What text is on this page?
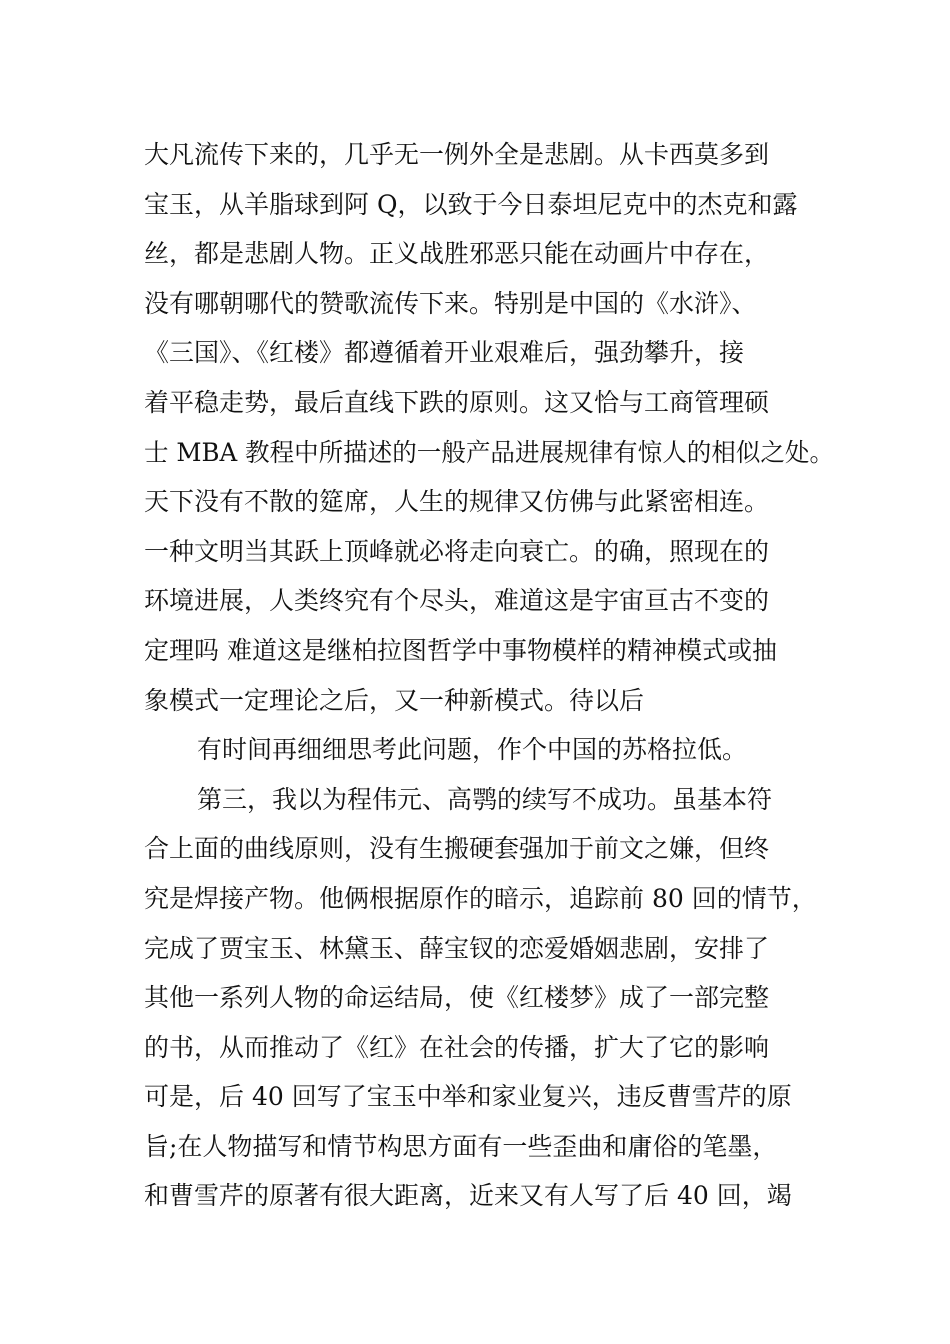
大凡流传下来的，几乎无一例外全是悲剧。从卡西莫多到
宝玉，从羊脂球到阿 Q，以致于今日泰坦尼克中的杰克和露
丝，都是悲剧人物。正义战胜邪恶只能在动画片中存在，
没有哪朝哪代的赞歌流传下来。特别是中国的《水浒》、
《三国》、《红楼》都遵循着开业艰难后，强劲攀升，接
着平稳走势，最后直线下跌的原则。这又恰与工商管理硕
士 MBA 教程中所描述的一般产品进展规律有惊人的相似之处。
天下没有不散的筵席，人生的规律又仿佛与此紧密相连。
一种文明当其跃上顶峰就必将走向衰亡。的确，照现在的
环境进展，人类终究有个尽头，难道这是宇宙亘古不变的
定理吗 难道这是继柏拉图哲学中事物模样的精神模式或抽
象模式一定理论之后，又一种新模式。待以后
有时间再细细思考此问题，作个中国的苏格拉低。
第三，我以为程伟元、高鹗的续写不成功。虽基本符
合上面的曲线原则，没有生搬硬套强加于前文之嫌，但终
究是焊接产物。他俩根据原作的暗示，追踪前 80 回的情节，
完成了贾宝玉、林黛玉、薛宝钗的恋爱婚姻悲剧，安排了
其他一系列人物的命运结局，使《红楼梦》成了一部完整
的书，从而推动了《红》在社会的传播，扩大了它的影响
可是，后 40 回写了宝玉中举和家业复兴，违反曹雪芹的原
旨;在人物描写和情节构思方面有一些歪曲和庸俗的笔墨，
和曹雪芹的原著有很大距离，近来又有人写了后 40 回，竭
